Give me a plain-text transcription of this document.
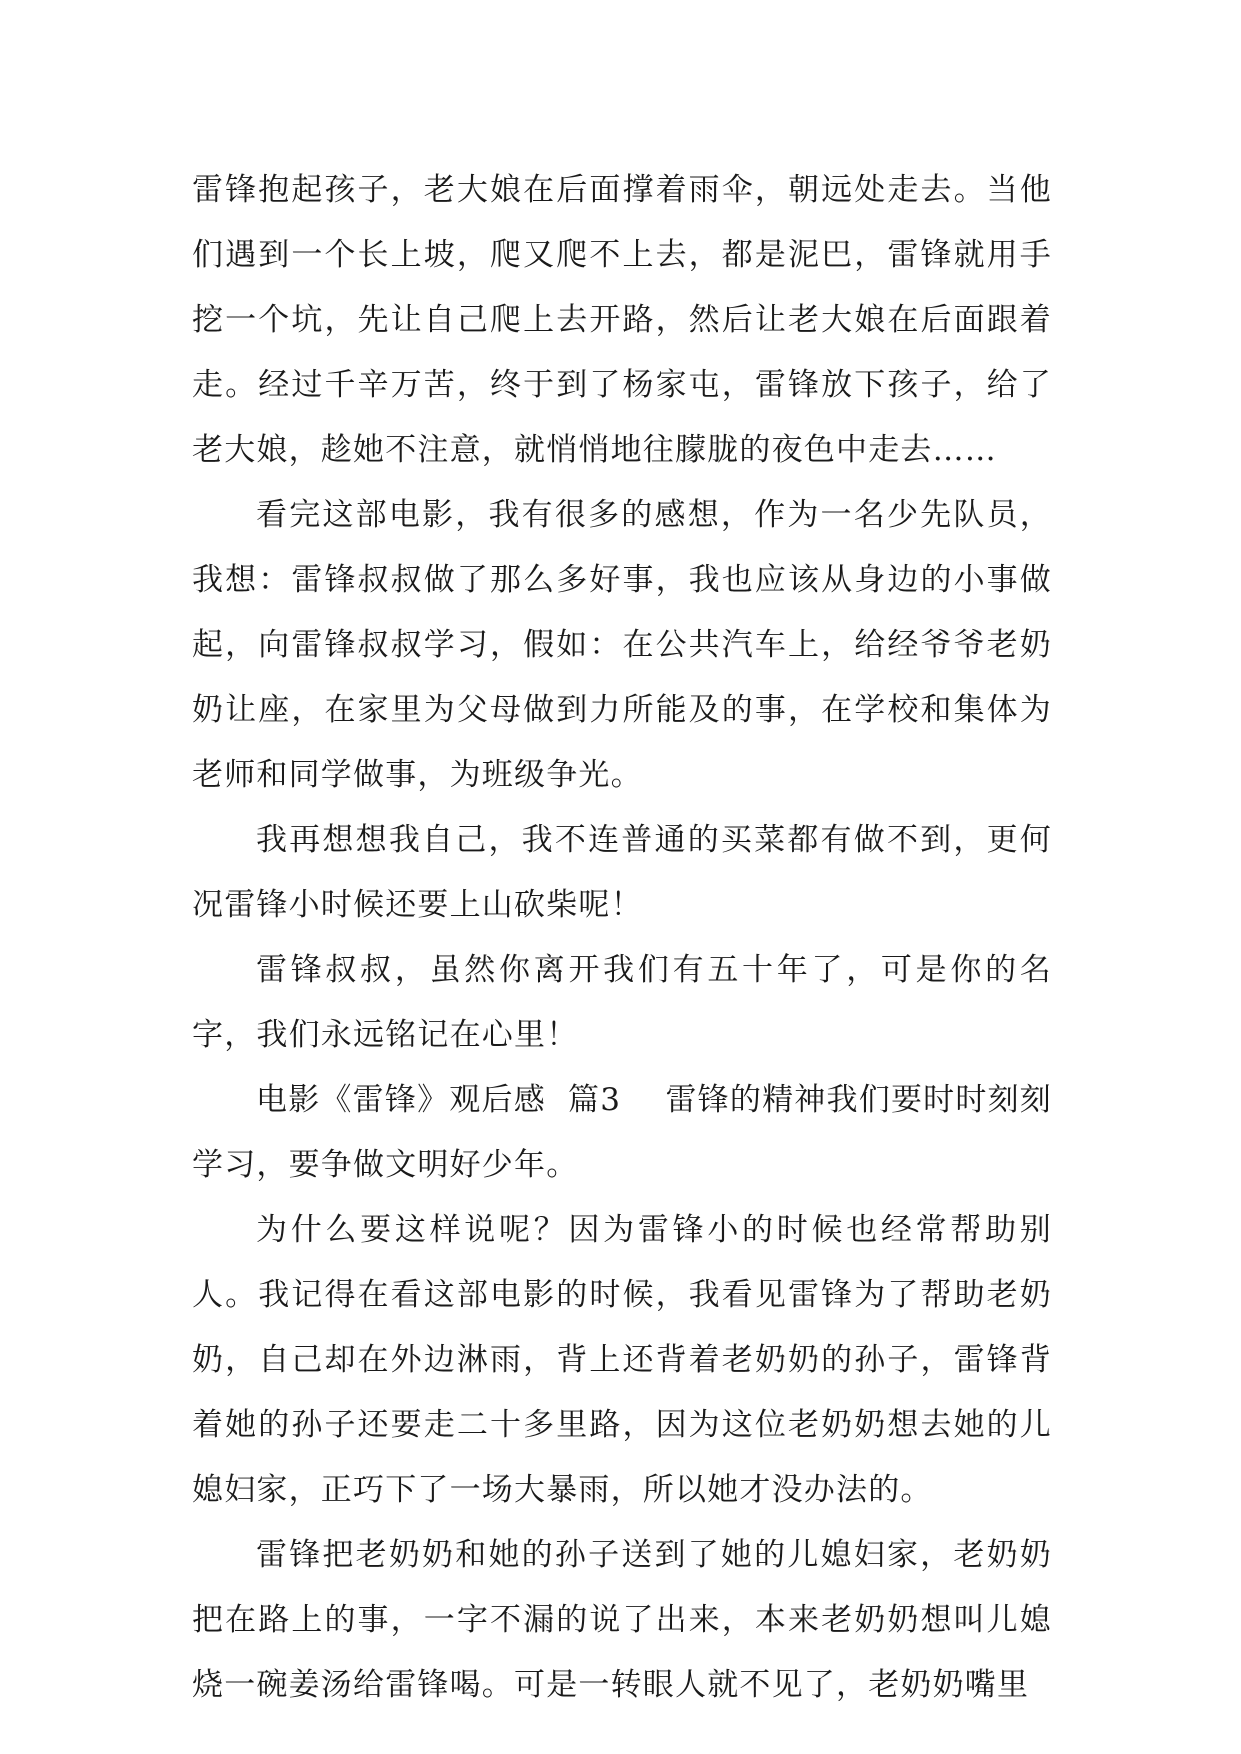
雷锋抱起孩子，老大娘在后面撑着雨伞，朝远处走去。当他们遇到一个长上坡，爬又爬不上去，都是泥巴，雷锋就用手挖一个坑，先让自己爬上去开路，然后让老大娘在后面跟着走。经过千辛万苦，终于到了杨家屯，雷锋放下孩子，给了老大娘，趁她不注意，就悄悄地往朦胧的夜色中走去……

看完这部电影，我有很多的感想，作为一名少先队员，我想：雷锋叔叔做了那么多好事，我也应该从身边的小事做起，向雷锋叔叔学习，假如：在公共汽车上，给经爷爷老奶奶让座，在家里为父母做到力所能及的事，在学校和集体为老师和同学做事，为班级争光。

我再想想我自己，我不连普通的买菜都有做不到，更何况雷锋小时候还要上山砍柴呢！

雷锋叔叔，虽然你离开我们有五十年了，可是你的名字，我们永远铭记在心里！

电影《雷锋》观后感  篇3    雷锋的精神我们要时时刻刻学习，要争做文明好少年。

为什么要这样说呢？因为雷锋小的时候也经常帮助别人。我记得在看这部电影的时候，我看见雷锋为了帮助老奶奶，自己却在外边淋雨，背上还背着老奶奶的孙子，雷锋背着她的孙子还要走二十多里路，因为这位老奶奶想去她的儿媳妇家，正巧下了一场大暴雨，所以她才没办法的。

雷锋把老奶奶和她的孙子送到了她的儿媳妇家，老奶奶把在路上的事，一字不漏的说了出来，本来老奶奶想叫儿媳烧一碗姜汤给雷锋喝。可是一转眼人就不见了，老奶奶嘴里
